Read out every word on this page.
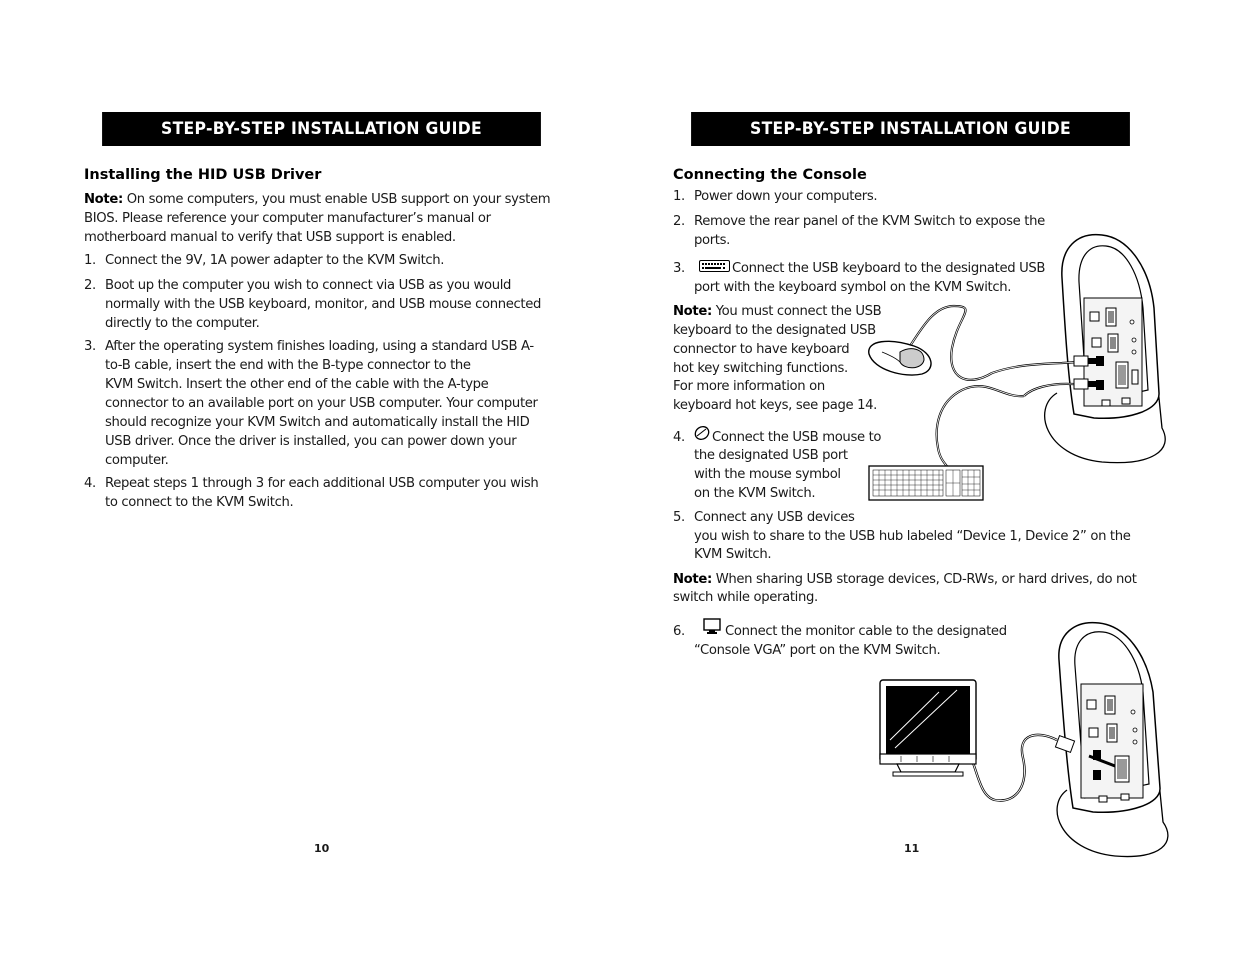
STEP-BY-STEP INSTALLATION GUIDE
Installing the HID USB Driver
Note: On some computers, you must enable USB support on your system
BIOS. Please reference your computer manufacturer’s manual or
motherboard manual to verify that USB support is enabled.
1. Connect the 9V, 1A power adapter to the KVM Switch.
2. Boot up the computer you wish to connect via USB as you would
normally with the USB keyboard, monitor, and USB mouse connected
directly to the computer.
3. After the operating system finishes loading, using a standard USB A-
to-B cable, insert the end with the B-type connector to the
KVM Switch. Insert the other end of the cable with the A-type
connector to an available port on your USB computer. Your computer
should recognize your KVM Switch and automatically install the HID
USB driver. Once the driver is installed, you can power down your
computer.
4. Repeat steps 1 through 3 for each additional USB computer you wish
to connect to the KVM Switch.
10
STEP-BY-STEP INSTALLATION GUIDE
Connecting the Console
1. Power down your computers.
2. Remove the rear panel of the KVM Switch to expose the
ports.
3.	Connect the USB keyboard to the designated USB
port with the keyboard symbol on the KVM Switch.
Note: You must connect the USB
keyboard to the designated USB
connector to have keyboard
hot key switching functions.
For more information on
keyboard hot keys, see page 14.
4. Connect the USB mouse to
the designated USB port
with the mouse symbol
on the KVM Switch.
5. Connect any USB devices
you wish to share to the USB hub labeled “Device 1, Device 2” on the
KVM Switch.
Note: When sharing USB storage devices, CD-RWs, or hard drives, do not
switch while operating.
6.	Connect the monitor cable to the designated
“Console VGA” port on the KVM Switch.
11
